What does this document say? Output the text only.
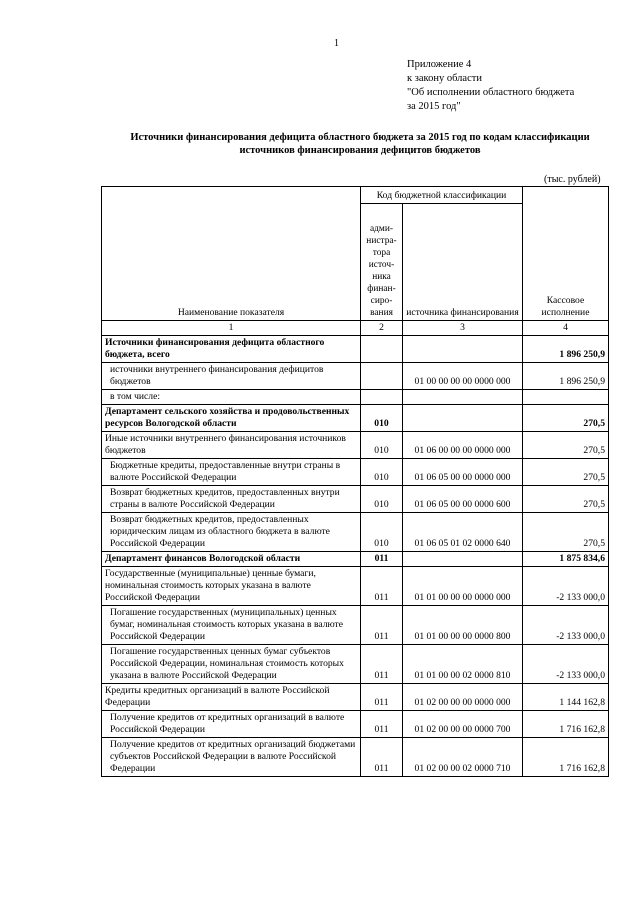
1
Приложение 4
к закону области
"Об исполнении областного бюджета
за 2015 год"
Источники финансирования дефицита областного бюджета за 2015 год по кодам классификации
источников финансирования дефицитов бюджетов
(тыс. рублей)
Наименование показателя	Код бюджетной классификации		Кассовое исполнение
	адми-нистра-тора источ-ника финан-сиро-вания	источника финансирования	
1	2	3	4
Источники финансирования дефицита областного бюджета, всего			1 896 250,9
источники внутреннего финансирования дефицитов бюджетов		01 00 00 00 00 0000 000	1 896 250,9
в том числе:			
Департамент сельского хозяйства и продовольственных ресурсов Вологодской области	010		270,5
Иные источники внутреннего финансирования источников бюджетов	010	01 06 00 00 00 0000 000	270,5
Бюджетные кредиты, предоставленные внутри страны в валюте Российской Федерации	010	01 06 05 00 00 0000 000	270,5
Возврат бюджетных кредитов, предоставленных внутри страны в валюте Российской Федерации	010	01 06 05 00 00 0000 600	270,5
Возврат бюджетных кредитов, предоставленных юридическим лицам из областного бюджета в валюте Российской Федерации	010	01 06 05 01 02 0000 640	270,5
Департамент финансов Вологодской области	011		1 875 834,6
Государственные (муниципальные) ценные бумаги, номинальная стоимость которых указана в валюте Российской Федерации	011	01 01 00 00 00 0000 000	-2 133 000,0
Погашение государственных (муниципальных) ценных бумаг, номинальная стоимость которых указана в валюте Российской Федерации	011	01 01 00 00 00 0000 800	-2 133 000,0
Погашение государственных ценных бумаг субъектов Российской Федерации, номинальная стоимость которых указана в валюте Российской Федерации	011	01 01 00 00 02 0000 810	-2 133 000,0
Кредиты кредитных организаций в валюте Российской Федерации	011	01 02 00 00 00 0000 000	1 144 162,8
Получение кредитов от кредитных организаций в валюте Российской Федерации	011	01 02 00 00 00 0000 700	1 716 162,8
Получение кредитов от кредитных организаций бюджетами субъектов Российской Федерации в валюте Российской Федерации	011	01 02 00 00 02 0000 710	1 716 162,8
